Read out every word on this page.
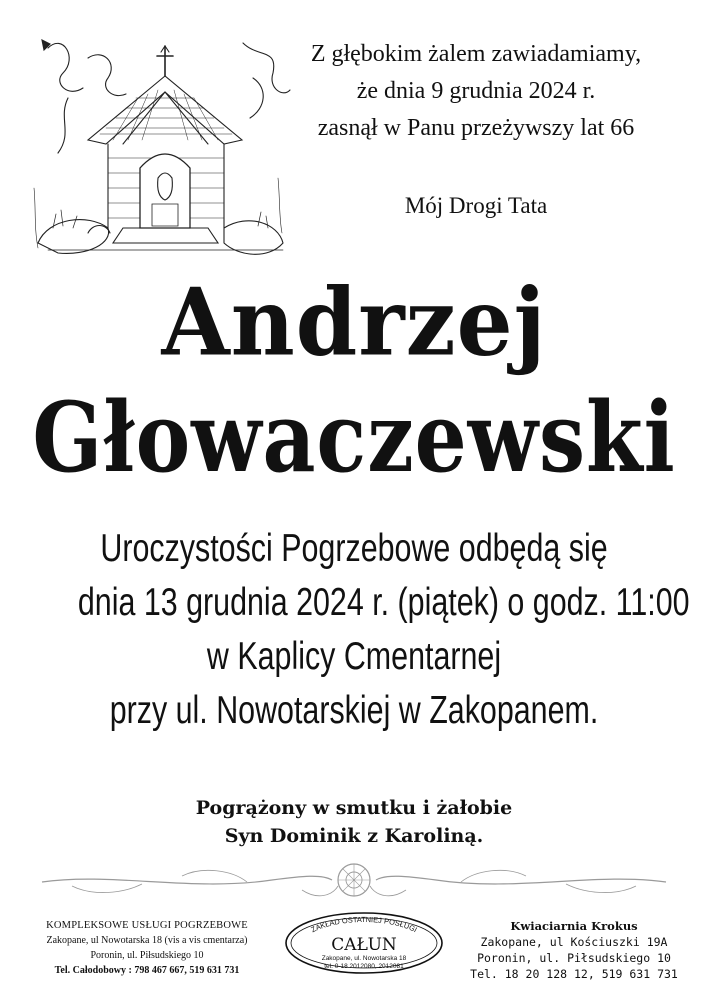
Z głębokim żalem zawiadamiamy,
że dnia 9 grudnia 2024 r.
zasnął w Panu przeżywszy lat 66
Mój Drogi Tata
Andrzej
Głowaczewski
Uroczystości Pogrzebowe odbędą się
dnia 13 grudnia 2024 r. (piątek) o godz. 11:00
w Kaplicy Cmentarnej
przy ul. Nowotarskiej w Zakopanem.
Pogrążony w smutku i żałobie
Syn Dominik z Karoliną.
KOMPLEKSOWE USŁUGI POGRZEBOWE
Zakopane, ul Nowotarska 18 (vis a vis cmentarza)
Poronin, ul. Piłsudskiego 10
Tel. Całodobowy : 798 467 667, 519 631 731
ZAKŁAD OSTATNIEJ POSŁUGI
CAŁUN
Zakopane, ul. Nowotarska 18
tel. 0-18 2012080, 2012081
Kwiaciarnia Krokus
Zakopane, ul Kościuszki 19A
Poronin, ul. Piłsudskiego 10
Tel. 18 20 128 12, 519 631 731
